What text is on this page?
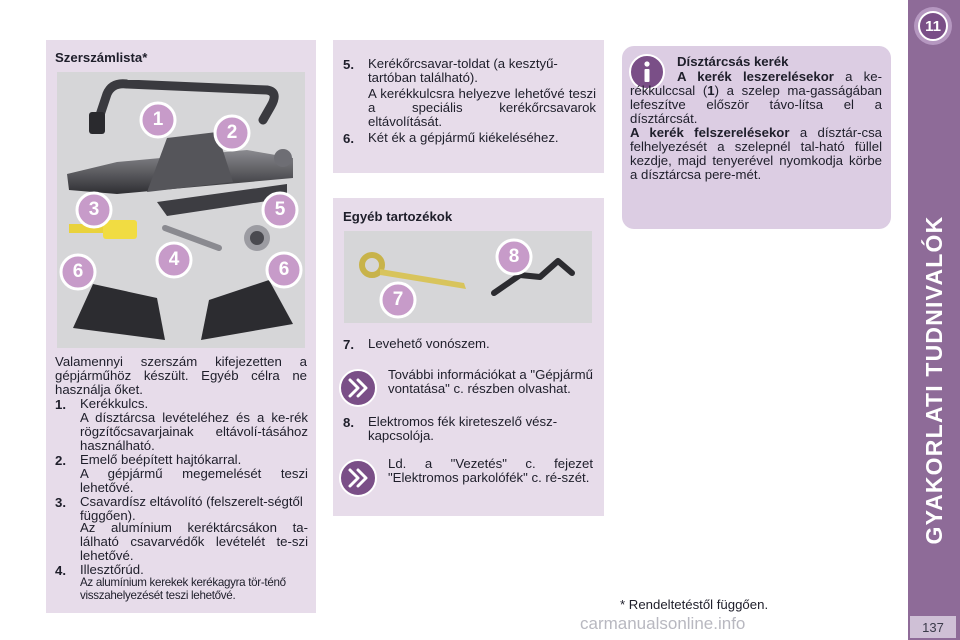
Szerszámlista*
1
2
3	5
6
4	6
Valamennyi szerszám kifejezetten a gépjárműhöz készült. Egyéb célra ne használja őket.
1. Kerékkulcs.
A dísztárcsa levételéhez és a ke-rék rögzítőcsavarjainak eltávolí-tásához használható.
2. Emelő beépített hajtókarral.
A gépjármű megemelését teszi lehetővé.
3. Csavardísz eltávolító (felszerelt-ségtől függően).
Az alumínium keréktárcsákon ta-lálható csavarvédők levételét te-szi lehetővé.
4. Illesztőrúd.
Az alumínium kerekek kerékagyra tör-ténő visszahelyezését teszi lehetővé.
5. Kerékőrcsavar-toldat (a kesztyű-tartóban található).
A kerékkulcsra helyezve lehetővé teszi a speciális kerékőrcsavarok eltávolítását.
6. Két ék a gépjármű kiékeléséhez.
Egyéb tartozékok
8
7
7. Levehető vonószem.
További információkat a "Gépjármű vontatása" c. részben olvashat.
8. Elektromos fék kireteszelő vész-kapcsolója.
Ld. a "Vezetés" c. fejezet "Elektromos parkolófék" c. ré-szét.
Dísztárcsás kerék
A kerék leszerelésekor a ke-rékkulccsal (1) a szelep ma-gasságában lefeszítve először távo-lítsa el a dísztárcsát.
A kerék felszerelésekor a dísztár-csa felhelyezését a szelepnél tal-ható füllel kezdje, majd tenyerével nyomkodja körbe a dísztárcsa pere-mét.
* Rendeltetéstől függően.
11
GYAKORLATI TUDNIVALÓK
137
carmanualsonline.info
